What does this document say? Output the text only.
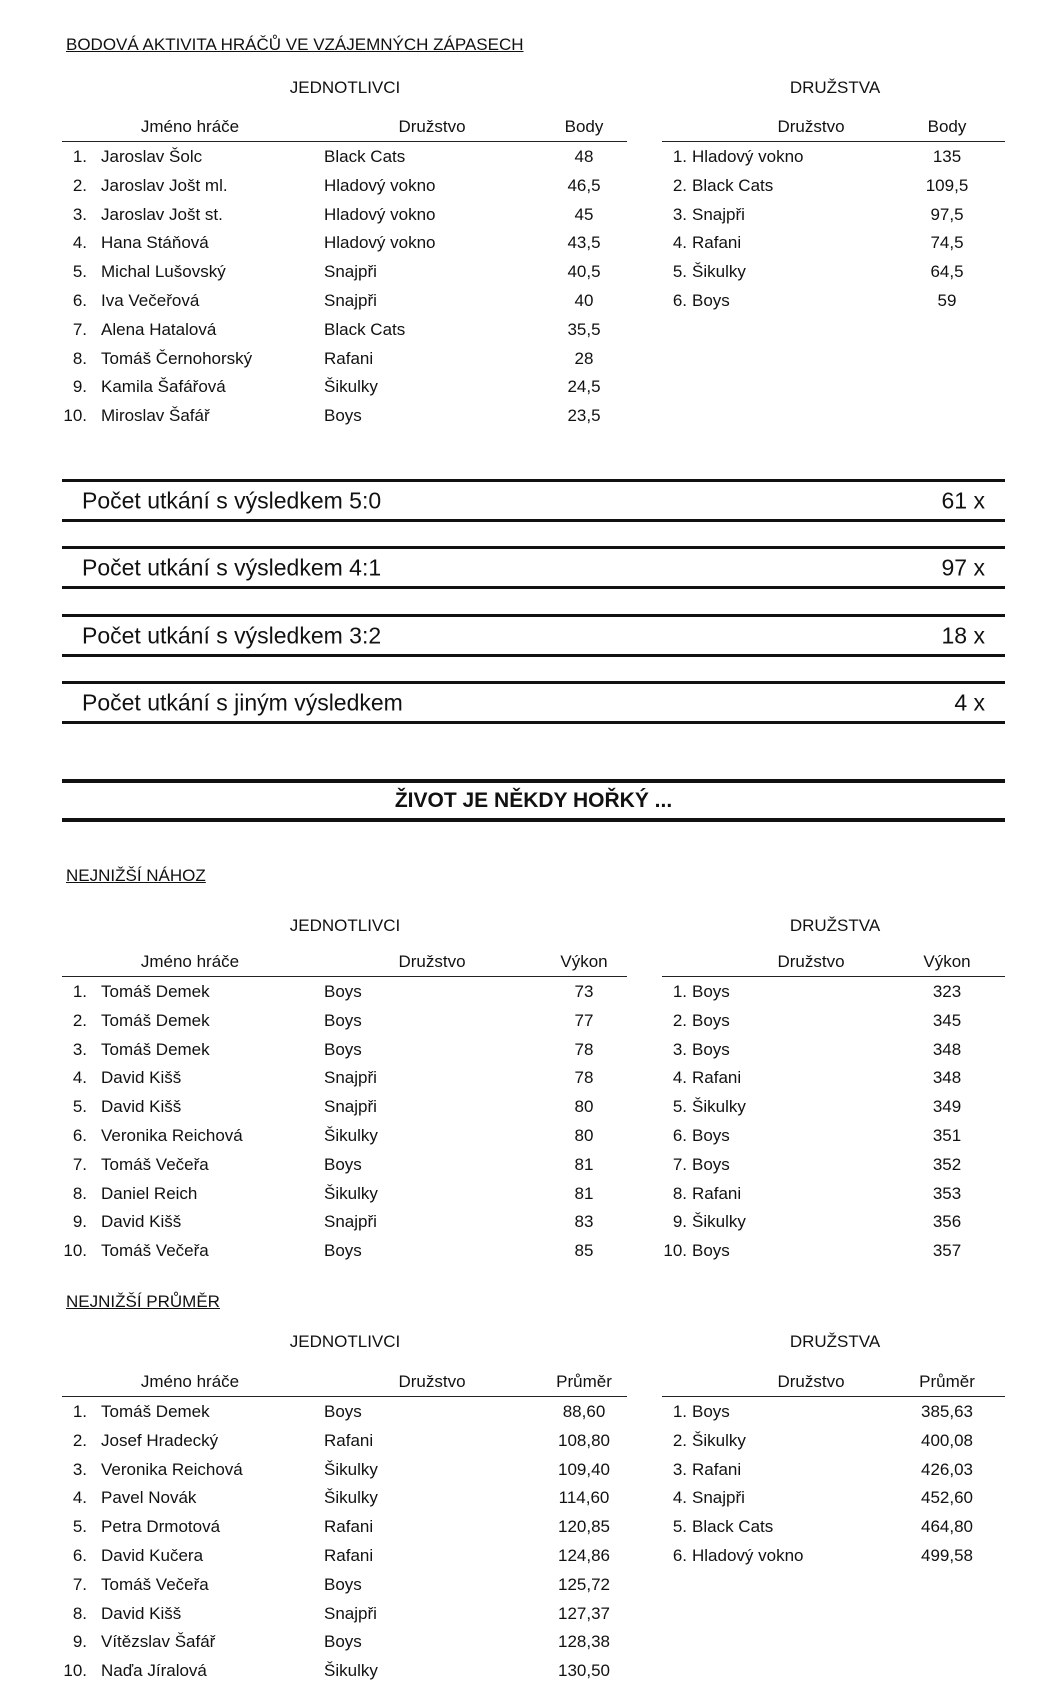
BODOVÁ AKTIVITA HRÁČŮ VE VZÁJEMNÝCH ZÁPASECH
JEDNOTLIVCI	DRUŽSTVA
Jméno hráče	Družstvo	Body
1. Jaroslav Šolc	Black Cats	48
2. Jaroslav Jošt ml.	Hladový vokno	46,5
3. Jaroslav Jošt st.	Hladový vokno	45
4. Hana Stáňová	Hladový vokno	43,5
5. Michal Lušovský	Snajpři	40,5
6. Iva Večeřová	Snajpři	40
7. Alena Hatalová	Black Cats	35,5
8. Tomáš Černohorský	Rafani	28
9. Kamila Šafářová	Šikulky	24,5
10. Miroslav Šafář	Boys	23,5
Družstvo	Body
1. Hladový vokno	135
2. Black Cats	109,5
3. Snajpři	97,5
4. Rafani	74,5
5. Šikulky	64,5
6. Boys	59
Počet utkání s výsledkem 5:0	61 x
Počet utkání s výsledkem 4:1	97 x
Počet utkání s výsledkem 3:2	18 x
Počet utkání s jiným výsledkem	4 x
ŽIVOT JE NĚKDY HOŘKÝ ...
NEJNIŽŠÍ NÁHOZ
JEDNOTLIVCI	DRUŽSTVA
Jméno hráče	Družstvo	Výkon
1. Tomáš Demek	Boys	73
2. Tomáš Demek	Boys	77
3. Tomáš Demek	Boys	78
4. David Kišš	Snajpři	78
5. David Kišš	Snajpři	80
6. Veronika Reichová	Šikulky	80
7. Tomáš Večeřa	Boys	81
8. Daniel Reich	Šikulky	81
9. David Kišš	Snajpři	83
10. Tomáš Večeřa	Boys	85
Družstvo	Výkon
1. Boys	323
2. Boys	345
3. Boys	348
4. Rafani	348
5. Šikulky	349
6. Boys	351
7. Boys	352
8. Rafani	353
9. Šikulky	356
10. Boys	357
NEJNIŽŠÍ PRŮMĚR
JEDNOTLIVCI	DRUŽSTVA
Jméno hráče	Družstvo	Průměr
1. Tomáš Demek	Boys	88,60
2. Josef Hradecký	Rafani	108,80
3. Veronika Reichová	Šikulky	109,40
4. Pavel Novák	Šikulky	114,60
5. Petra Drmotová	Rafani	120,85
6. David Kučera	Rafani	124,86
7. Tomáš Večeřa	Boys	125,72
8. David Kišš	Snajpři	127,37
9. Vítězslav Šafář	Boys	128,38
10. Naďa Jíralová	Šikulky	130,50
Družstvo	Průměr
1. Boys	385,63
2. Šikulky	400,08
3. Rafani	426,03
4. Snajpři	452,60
5. Black Cats	464,80
6. Hladový vokno	499,58
